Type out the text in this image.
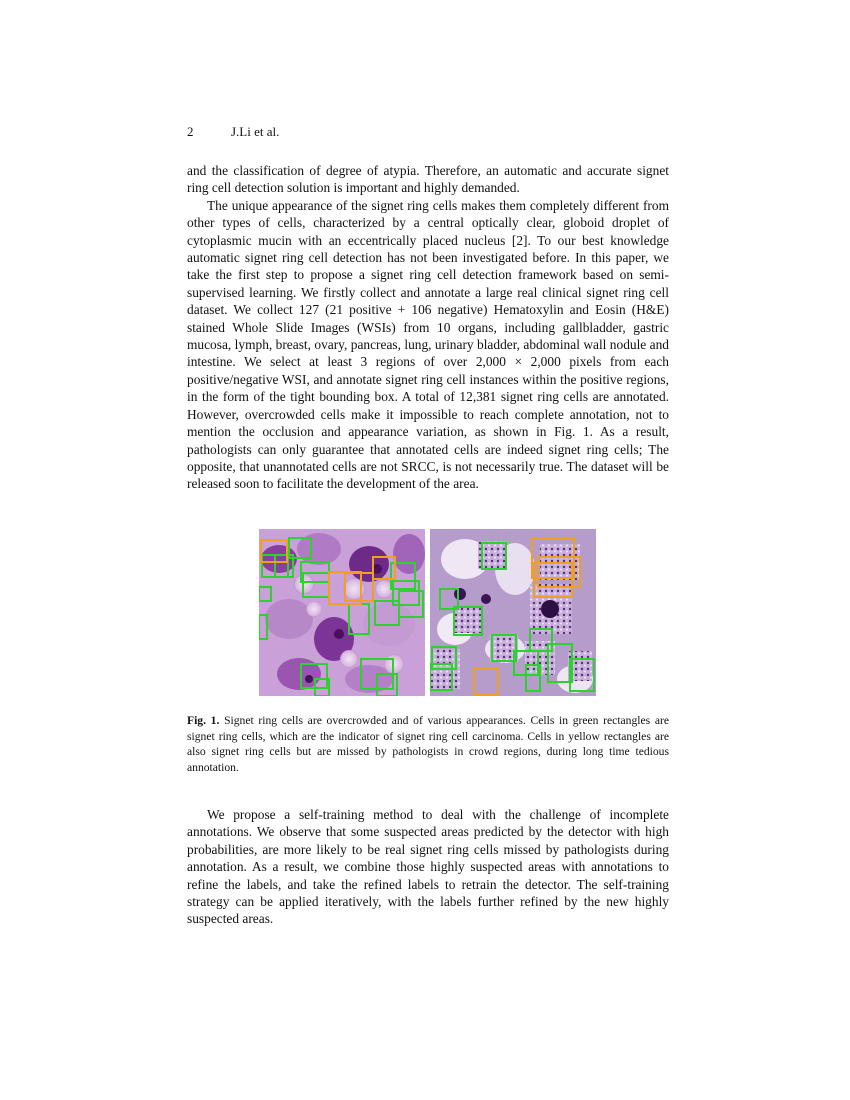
2	J.Li et al.

and the classification of degree of atypia. Therefore, an automatic and accurate signet ring cell detection solution is important and highly demanded.

The unique appearance of the signet ring cells makes them completely different from other types of cells, characterized by a central optically clear, globoid droplet of cytoplasmic mucin with an eccentrically placed nucleus [2]. To our best knowledge automatic signet ring cell detection has not been investigated before. In this paper, we take the first step to propose a signet ring cell detection framework based on semi-supervised learning. We firstly collect and annotate a large real clinical signet ring cell dataset. We collect 127 (21 positive + 106 negative) Hematoxylin and Eosin (H&E) stained Whole Slide Images (WSIs) from 10 organs, including gallbladder, gastric mucosa, lymph, breast, ovary, pancreas, lung, urinary bladder, abdominal wall nodule and intestine. We select at least 3 regions of over 2,000 × 2,000 pixels from each positive/negative WSI, and annotate signet ring cell instances within the positive regions, in the form of the tight bounding box. A total of 12,381 signet ring cells are annotated. However, overcrowded cells make it impossible to reach complete annotation, not to mention the occlusion and appearance variation, as shown in Fig. 1. As a result, pathologists can only guarantee that annotated cells are indeed signet ring cells; The opposite, that unannotated cells are not SRCC, is not necessarily true. The dataset will be released soon to facilitate the development of the area.

Fig. 1. Signet ring cells are overcrowded and of various appearances. Cells in green rectangles are signet ring cells, which are the indicator of signet ring cell carcinoma. Cells in yellow rectangles are also signet ring cells but are missed by pathologists in crowd regions, during long time tedious annotation.

We propose a self-training method to deal with the challenge of incomplete annotations. We observe that some suspected areas predicted by the detector with high probabilities, are more likely to be real signet ring cells missed by pathologists during annotation. As a result, we combine those highly suspected areas with annotations to refine the labels, and take the refined labels to retrain the detector. The self-training strategy can be applied iteratively, with the labels further refined by the new highly suspected areas.
